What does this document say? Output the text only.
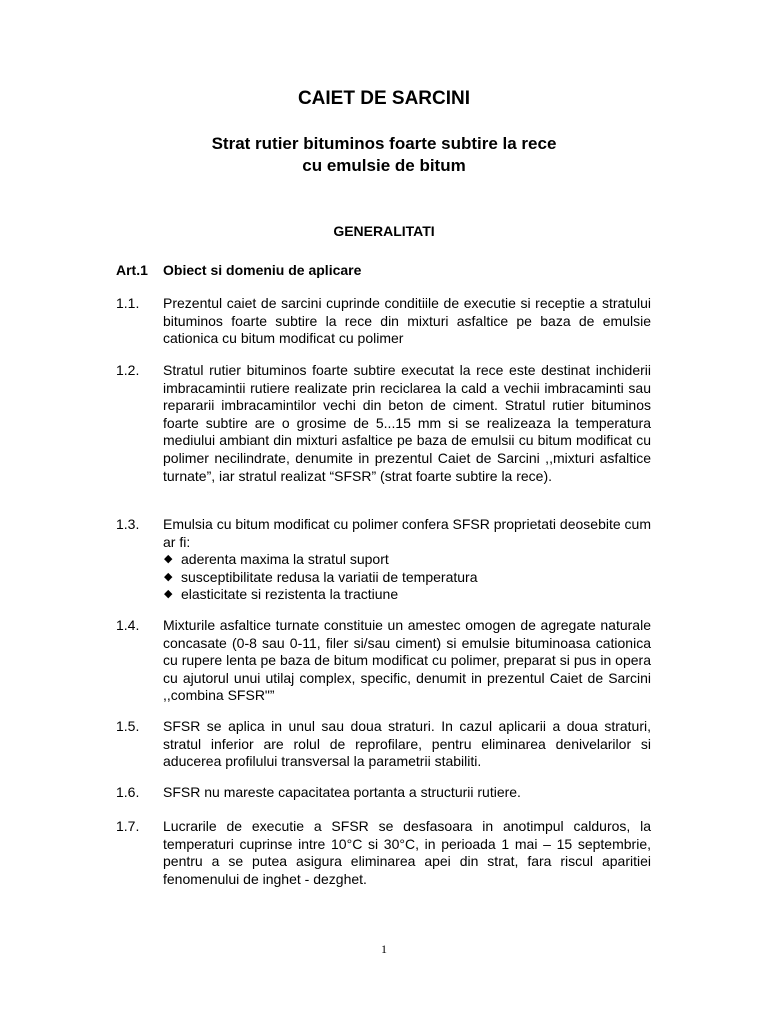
CAIET DE SARCINI
Strat rutier bituminos foarte subtire la rece
cu emulsie de bitum
GENERALITATI
Art.1 Obiect si domeniu de aplicare
1.1. Prezentul caiet de sarcini cuprinde conditiile de executie si receptie a stratului bituminos foarte subtire la rece din mixturi asfaltice pe baza de emulsie cationica cu bitum modificat cu polimer

1.2. Stratul rutier bituminos foarte subtire executat la rece este destinat inchiderii imbracamintii rutiere realizate prin reciclarea la cald a vechii imbracaminti sau repararii imbracamintilor vechi din beton de ciment. Stratul rutier bituminos foarte subtire are o grosime de 5...15 mm si se realizeaza la temperatura mediului ambiant din mixturi asfaltice pe baza de emulsii cu bitum modificat cu polimer necilindrate, denumite in prezentul Caiet de Sarcini ,,mixturi asfaltice turnate”, iar stratul realizat “SFSR” (strat foarte subtire la rece).

1.3. Emulsia cu bitum modificat cu polimer confera SFSR proprietati deosebite cum ar fi:

◆ aderenta maxima la stratul suport
◆ susceptibilitate redusa la variatii de temperatura
◆ elasticitate si rezistenta la tractiune
1.4. Mixturile asfaltice turnate constituie un amestec omogen de agregate naturale concasate (0-8 sau 0-11, filer si/sau ciment) si emulsie bituminoasa cationica cu rupere lenta pe baza de bitum modificat cu polimer, preparat si pus in opera cu ajutorul unui utilaj complex, specific, denumit in prezentul Caiet de Sarcini ,,combina SFSR"”

1.5. SFSR se aplica in unul sau doua straturi. In cazul aplicarii a doua straturi, stratul inferior are rolul de reprofilare, pentru eliminarea denivelarilor si aducerea profilului transversal la parametrii stabiliti.

1.6. SFSR nu mareste capacitatea portanta a structurii rutiere.

1.7. Lucrarile de executie a SFSR se desfasoara in anotimpul calduros, la temperaturi cuprinse intre 10°C si 30°C, in perioada 1 mai – 15 septembrie, pentru a se putea asigura eliminarea apei din strat, fara riscul aparitiei fenomenului de inghet - dezghet.

1
